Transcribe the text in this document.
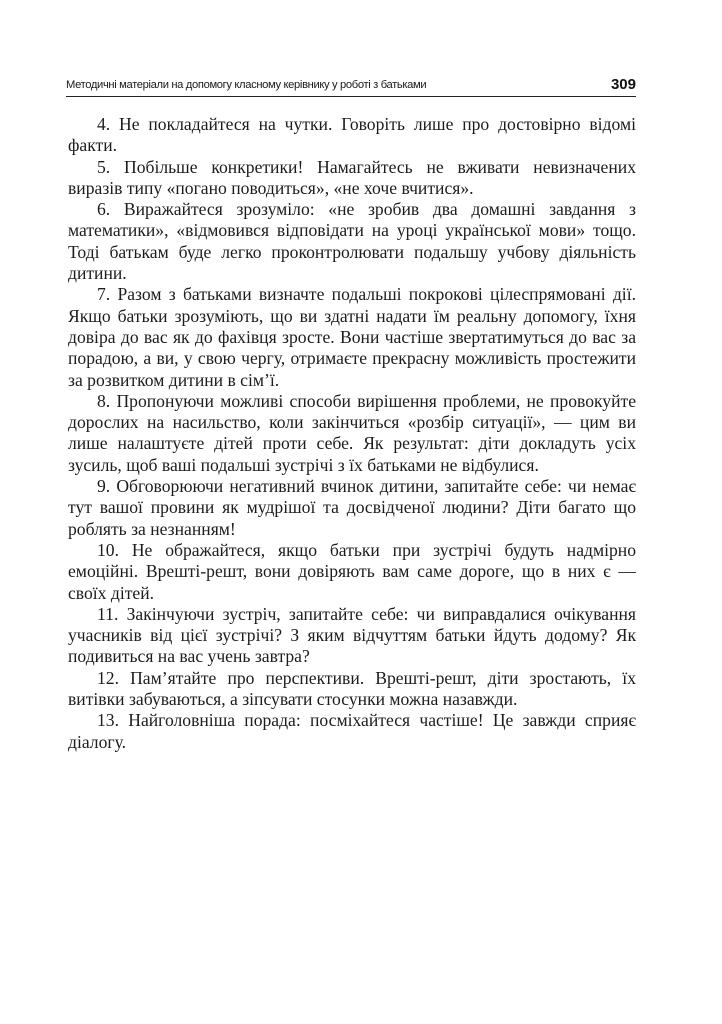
Методичні матеріали на допомогу класному керівнику у роботі з батьками	309

4. Не покладайтеся на чутки. Говоріть лише про достовірно відомі факти.

5. Побільше конкретики! Намагайтесь не вживати невизначених виразів типу «погано поводиться», «не хоче вчитися».

6. Виражайтеся зрозуміло: «не зробив два домашні завдання з математики», «відмовився відповідати на уроці української мови» тощо. Тоді батькам буде легко проконтролювати подальшу учбову діяльність дитини.

7. Разом з батьками визначте подальші покрокові цілеспрямовані дії. Якщо батьки зрозуміють, що ви здатні надати їм реальну допомогу, їхня довіра до вас як до фахівця зросте. Вони частіше звертатимуться до вас за порадою, а ви, у свою чергу, отримаєте прекрасну можливість простежити за розвитком дитини в сім’ї.

8. Пропонуючи можливі способи вирішення проблеми, не провокуйте дорослих на насильство, коли закінчиться «розбір ситуації», — цим ви лише налаштуєте дітей проти себе. Як результат: діти докладуть усіх зусиль, щоб ваші подальші зустрічі з їх батьками не відбулися.

9. Обговорюючи негативний вчинок дитини, запитайте себе: чи немає тут вашої провини як мудрішої та досвідченої людини? Діти багато що роблять за незнанням!

10. Не ображайтеся, якщо батьки при зустрічі будуть надмірно емоційні. Врешті-решт, вони довіряють вам саме дороге, що в них є — своїх дітей.

11. Закінчуючи зустріч, запитайте себе: чи виправдалися очікування учасників від цієї зустрічі? З яким відчуттям батьки йдуть додому? Як подивиться на вас учень завтра?

12. Пам’ятайте про перспективи. Врешті-решт, діти зростають, їх витівки забуваються, а зіпсувати стосунки можна назавжди.

13. Найголовніша порада: посміхайтеся частіше! Це завжди сприяє діалогу.
